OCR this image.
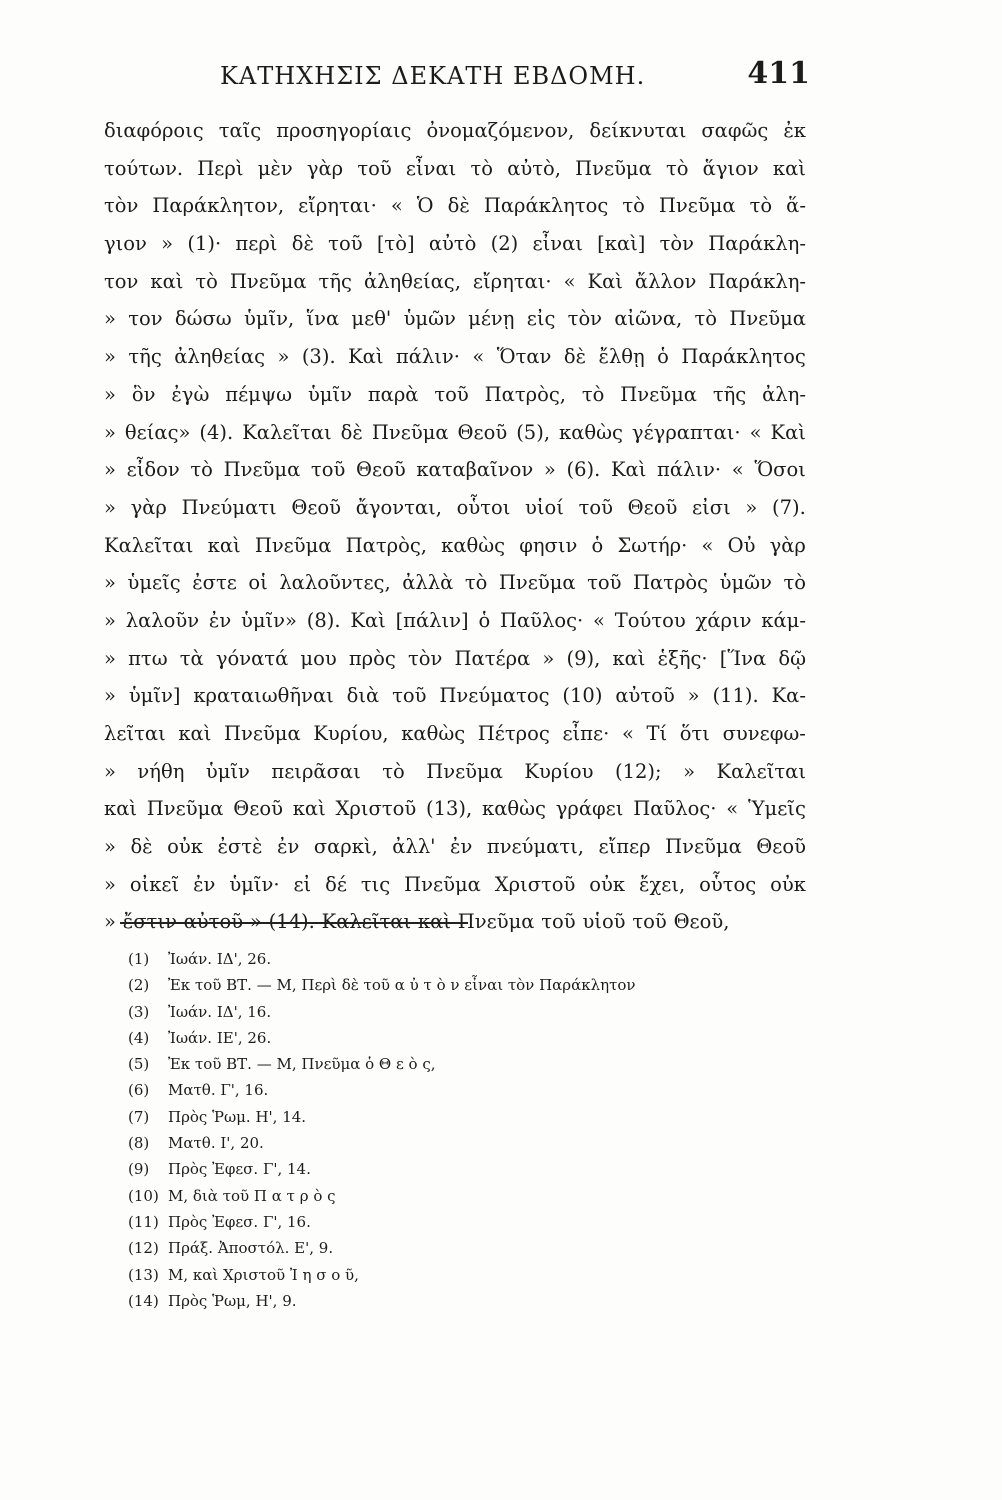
ΚΑΤΗΧΗΣΙΣ ΔΕΚΑΤΗ ΕΒΔΟΜΗ.	411
διαφόροις ταῖς προσηγορίαις ὀνομαζόμενον, δείκνυται σαφῶς ἐκ
τούτων. Περὶ μὲν γὰρ τοῦ εἶναι τὸ αὐτὸ, Πνεῦμα τὸ ἅγιον καὶ
τὸν Παράκλητον, εἴρηται· « Ὁ δὲ Παράκλητος τὸ Πνεῦμα τὸ ἅ-
γιον » (1)· περὶ δὲ τοῦ [τὸ] αὐτὸ (2) εἶναι [καὶ] τὸν Παράκλη-
τον καὶ τὸ Πνεῦμα τῆς ἀληθείας, εἴρηται· « Καὶ ἄλλον Παράκλη-
» τον δώσω ὑμῖν, ἵνα μεθ' ὑμῶν μένῃ εἰς τὸν αἰῶνα, τὸ Πνεῦμα
» τῆς ἀληθείας » (3). Καὶ πάλιν· « Ὅταν δὲ ἔλθῃ ὁ Παράκλητος
» ὃν ἐγὼ πέμψω ὑμῖν παρὰ τοῦ Πατρὸς, τὸ Πνεῦμα τῆς ἀλη-
» θείας» (4). Καλεῖται δὲ Πνεῦμα Θεοῦ (5), καθὼς γέγραπται· « Καὶ
» εἶδον τὸ Πνεῦμα τοῦ Θεοῦ καταβαῖνον » (6). Καὶ πάλιν· « Ὅσοι
» γὰρ Πνεύματι Θεοῦ ἄγονται, οὗτοι υἱοί τοῦ Θεοῦ εἰσι » (7).
Καλεῖται καὶ Πνεῦμα Πατρὸς, καθὼς φησιν ὁ Σωτήρ· « Οὐ γὰρ
» ὑμεῖς ἐστε οἱ λαλοῦντες, ἀλλὰ τὸ Πνεῦμα τοῦ Πατρὸς ὑμῶν τὸ
» λαλοῦν ἐν ὑμῖν» (8). Καὶ [πάλιν] ὁ Παῦλος· « Τούτου χάριν κάμ-
» πτω τὰ γόνατά μου πρὸς τὸν Πατέρα » (9), καὶ ἑξῆς· [Ἵνα δῷ
» ὑμῖν] κραταιωθῆναι διὰ τοῦ Πνεύματος (10) αὐτοῦ » (11). Κα-
λεῖται καὶ Πνεῦμα Κυρίου, καθὼς Πέτρος εἶπε· « Τί ὅτι συνεφω-
» νήθη ὑμῖν πειρᾶσαι τὸ Πνεῦμα Κυρίου (12); » Καλεῖται
καὶ Πνεῦμα Θεοῦ καὶ Χριστοῦ (13), καθὼς γράφει Παῦλος· « Ὑμεῖς
» δὲ οὐκ ἐστὲ ἐν σαρκὶ, ἀλλ' ἐν πνεύματι, εἴπερ Πνεῦμα Θεοῦ
» οἰκεῖ ἐν ὑμῖν· εἰ δέ τις Πνεῦμα Χριστοῦ οὐκ ἔχει, οὗτος οὐκ
» ἔστιν αὐτοῦ » (14). Καλεῖται καὶ Πνεῦμα τοῦ υἱοῦ τοῦ Θεοῦ,
(1) Ἰωάν. ΙΔ', 26.
(2) Ἐκ τοῦ ΒΤ. — Μ, Περὶ δὲ τοῦ α ὐ τ ὸ ν εἶναι τὸν Παράκλητον
(3) Ἰωάν. ΙΔ', 16.
(4) Ἰωάν. ΙΕ', 26.
(5) Ἐκ τοῦ ΒΤ. — Μ, Πνεῦμα ὁ Θ ε ὸ ς,
(6) Ματθ. Γ', 16.
(7) Πρὸς Ῥωμ. Η', 14.
(8) Ματθ. Ι', 20.
(9) Πρὸς Ἐφεσ. Γ', 14.
(10) Μ, διὰ τοῦ Π α τ ρ ὸ ς
(11) Πρὸς Ἐφεσ. Γ', 16.
(12) Πράξ. Ἀποστόλ. Ε', 9.
(13) Μ, καὶ Χριστοῦ Ἰ η σ ο ῦ,
(14) Πρὸς Ῥωμ, Η', 9.
